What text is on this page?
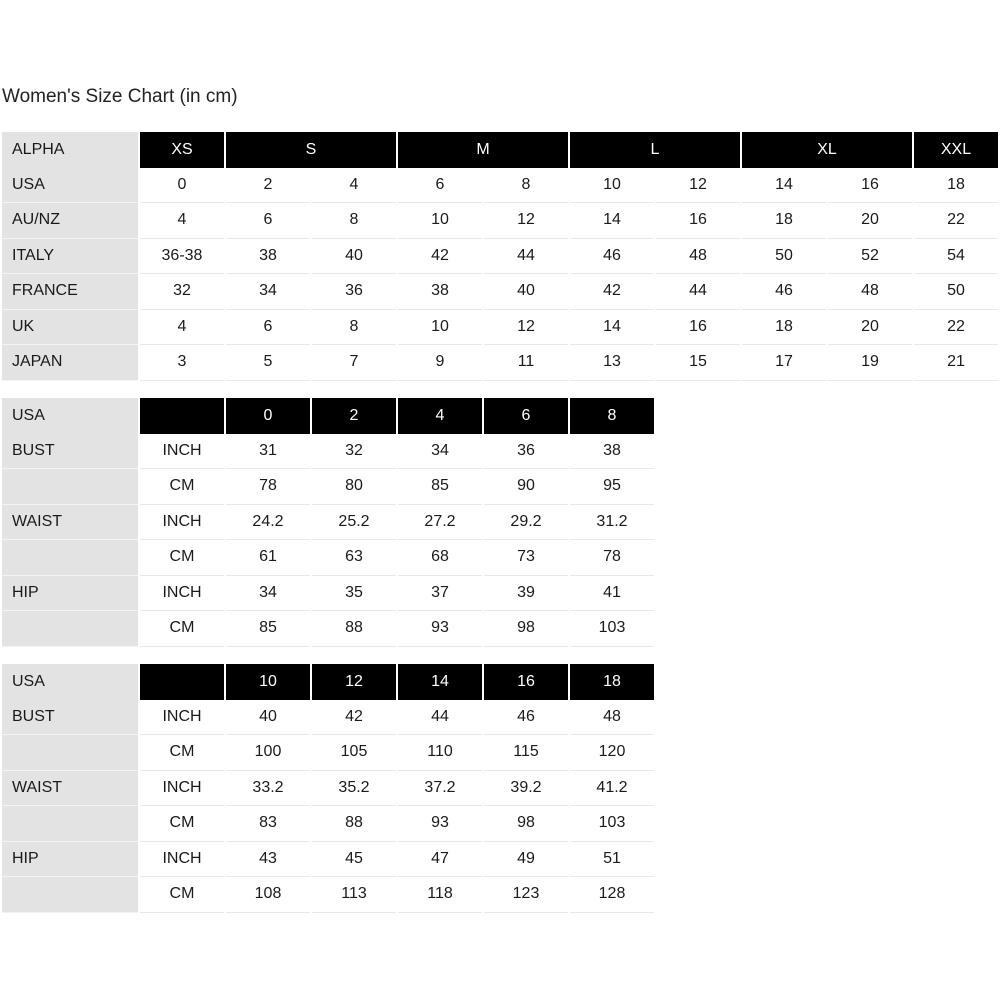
Women's Size Chart (in cm)
ALPHA	XS	S		M		L		XL		XXL
USA	0	2	4	6	8	10	12	14	16	18
AU/NZ	4	6	8	10	12	14	16	18	20	22
ITALY	36-38	38	40	42	44	46	48	50	52	54
FRANCE	32	34	36	38	40	42	44	46	48	50
UK	4	6	8	10	12	14	16	18	20	22
JAPAN	3	5	7	9	11	13	15	17	19	21
USA		0	2	4	6	8
BUST	INCH	31	32	34	36	38
	CM	78	80	85	90	95
WAIST	INCH	24.2	25.2	27.2	29.2	31.2
	CM	61	63	68	73	78
HIP	INCH	34	35	37	39	41
	CM	85	88	93	98	103
USA		10	12	14	16	18
BUST	INCH	40	42	44	46	48
	CM	100	105	110	115	120
WAIST	INCH	33.2	35.2	37.2	39.2	41.2
	CM	83	88	93	98	103
HIP	INCH	43	45	47	49	51
	CM	108	113	118	123	128
